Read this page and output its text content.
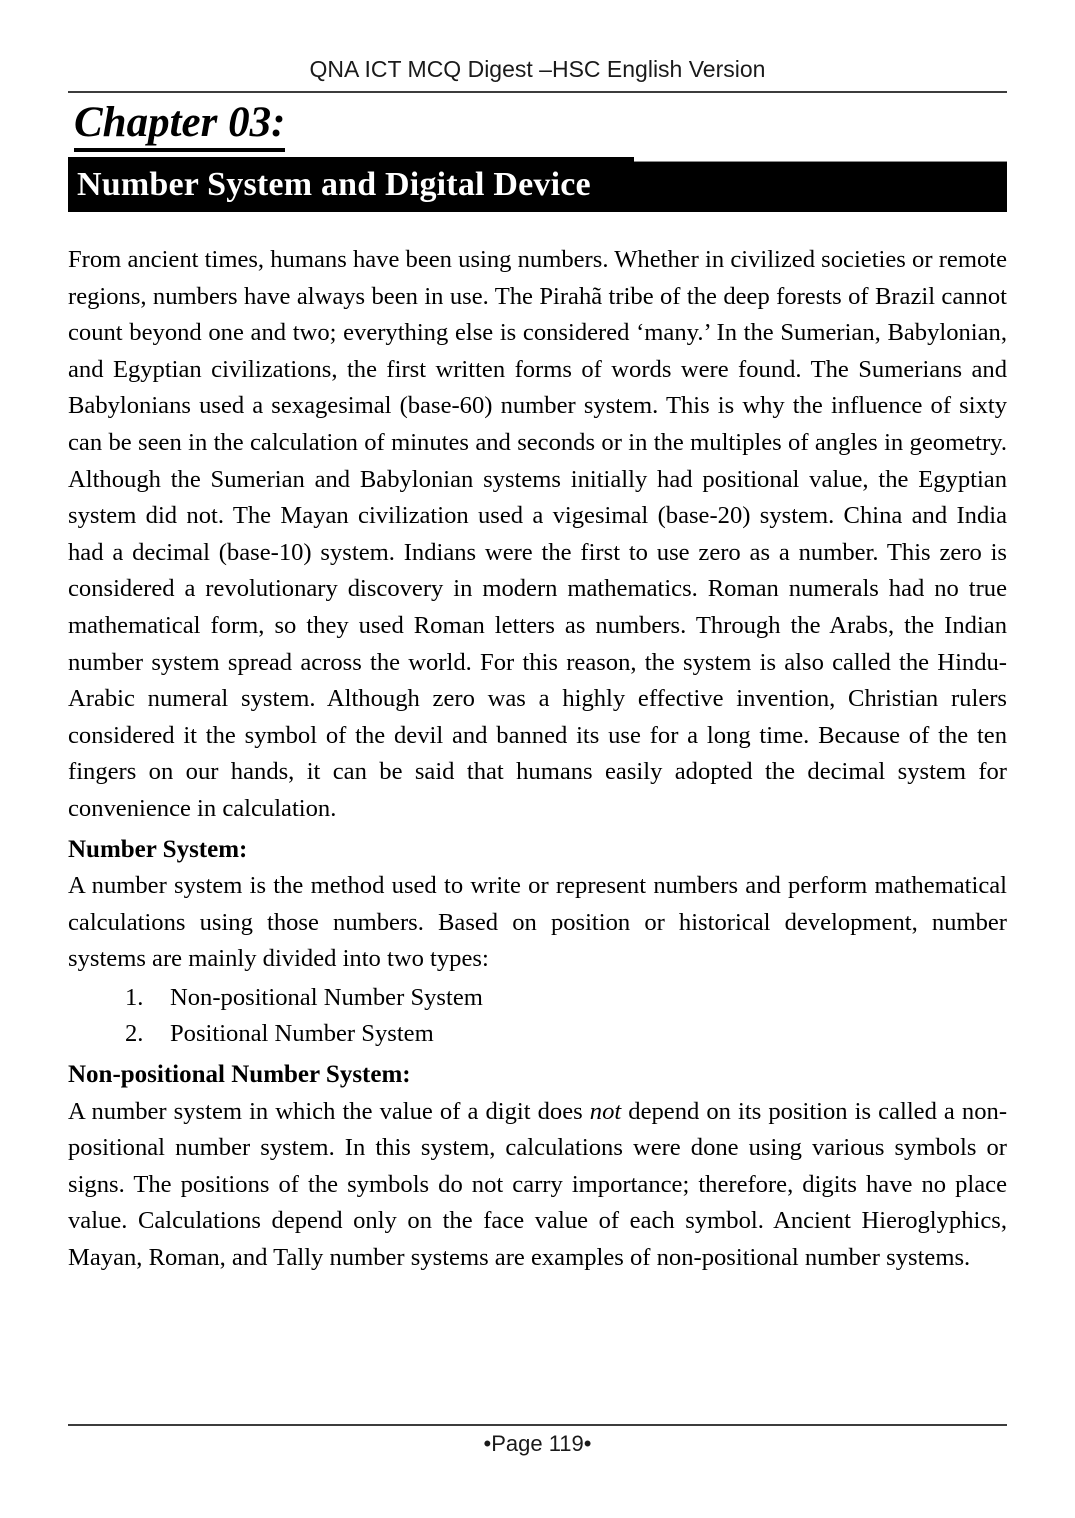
QNA ICT MCQ Digest –HSC English Version
Chapter 03:
Number System and Digital Device

From ancient times, humans have been using numbers. Whether in civilized societies or remote regions, numbers have always been in use. The Pirahã tribe of the deep forests of Brazil cannot count beyond one and two; everything else is considered ‘many.’ In the Sumerian, Babylonian, and Egyptian civilizations, the first written forms of words were found. The Sumerians and Babylonians used a sexagesimal (base-60) number system. This is why the influence of sixty can be seen in the calculation of minutes and seconds or in the multiples of angles in geometry. Although the Sumerian and Babylonian systems initially had positional value, the Egyptian system did not. The Mayan civilization used a vigesimal (base-20) system. China and India had a decimal (base-10) system. Indians were the first to use zero as a number. This zero is considered a revolutionary discovery in modern mathematics. Roman numerals had no true mathematical form, so they used Roman letters as numbers. Through the Arabs, the Indian number system spread across the world. For this reason, the system is also called the Hindu-Arabic numeral system. Although zero was a highly effective invention, Christian rulers considered it the symbol of the devil and banned its use for a long time. Because of the ten fingers on our hands, it can be said that humans easily adopted the decimal system for convenience in calculation.

Number System:

A number system is the method used to write or represent numbers and perform mathematical calculations using those numbers. Based on position or historical development, number systems are mainly divided into two types:

1.	Non-positional Number System
2.	Positional Number System
Non-positional Number System:

A number system in which the value of a digit does not depend on its position is called a non-positional number system. In this system, calculations were done using various symbols or signs. The positions of the symbols do not carry importance; therefore, digits have no place value. Calculations depend only on the face value of each symbol. Ancient Hieroglyphics, Mayan, Roman, and Tally number systems are examples of non-positional number systems.

•Page 119•
